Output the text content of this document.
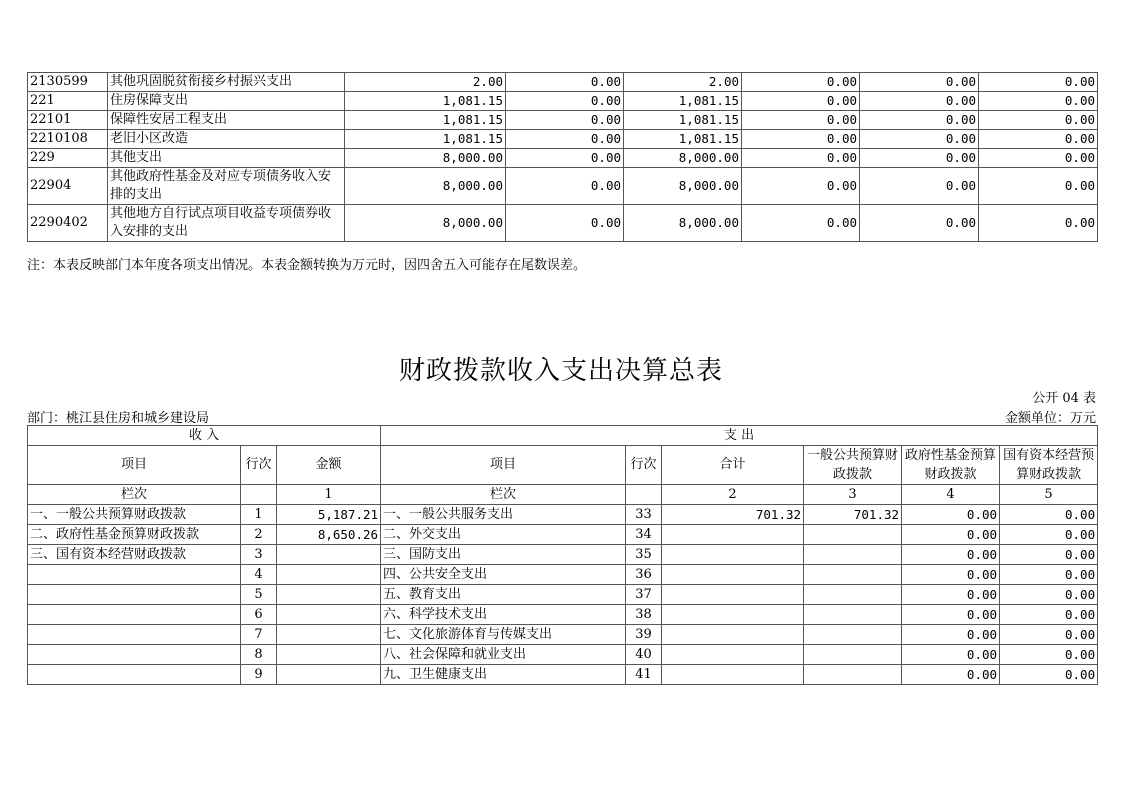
2130599	其他巩固脱贫衔接乡村振兴支出	2.00	0.00	2.00	0.00	0.00	0.00
221	住房保障支出	1,081.15	0.00	1,081.15	0.00	0.00	0.00
22101	保障性安居工程支出	1,081.15	0.00	1,081.15	0.00	0.00	0.00
2210108	老旧小区改造	1,081.15	0.00	1,081.15	0.00	0.00	0.00
229	其他支出	8,000.00	0.00	8,000.00	0.00	0.00	0.00
22904	其他政府性基金及对应专项债务收入安排的支出	8,000.00	0.00	8,000.00	0.00	0.00	0.00
2290402	其他地方自行试点项目收益专项债券收入安排的支出	8,000.00	0.00	8,000.00	0.00	0.00	0.00
注：本表反映部门本年度各项支出情况。本表金额转换为万元时，因四舍五入可能存在尾数误差。
财政拨款收入支出决算总表
公开 04 表
部门：桃江县住房和城乡建设局	金额单位：万元
收 入			支 出					
项目	行次	金额	项目	行次	合计	一般公共预算财政拨款	政府性基金预算财政拨款	国有资本经营预算财政拨款
栏次		1	栏次		2	3	4	5
一、一般公共预算财政拨款	1	5,187.21	一、一般公共服务支出	33	701.32	701.32	0.00	0.00
二、政府性基金预算财政拨款	2	8,650.26	二、外交支出	34			0.00	0.00
三、国有资本经营财政拨款	3		三、国防支出	35			0.00	0.00
	4		四、公共安全支出	36			0.00	0.00
	5		五、教育支出	37			0.00	0.00
	6		六、科学技术支出	38			0.00	0.00
	7		七、文化旅游体育与传媒支出	39			0.00	0.00
	8		八、社会保障和就业支出	40			0.00	0.00
	9		九、卫生健康支出	41			0.00	0.00
